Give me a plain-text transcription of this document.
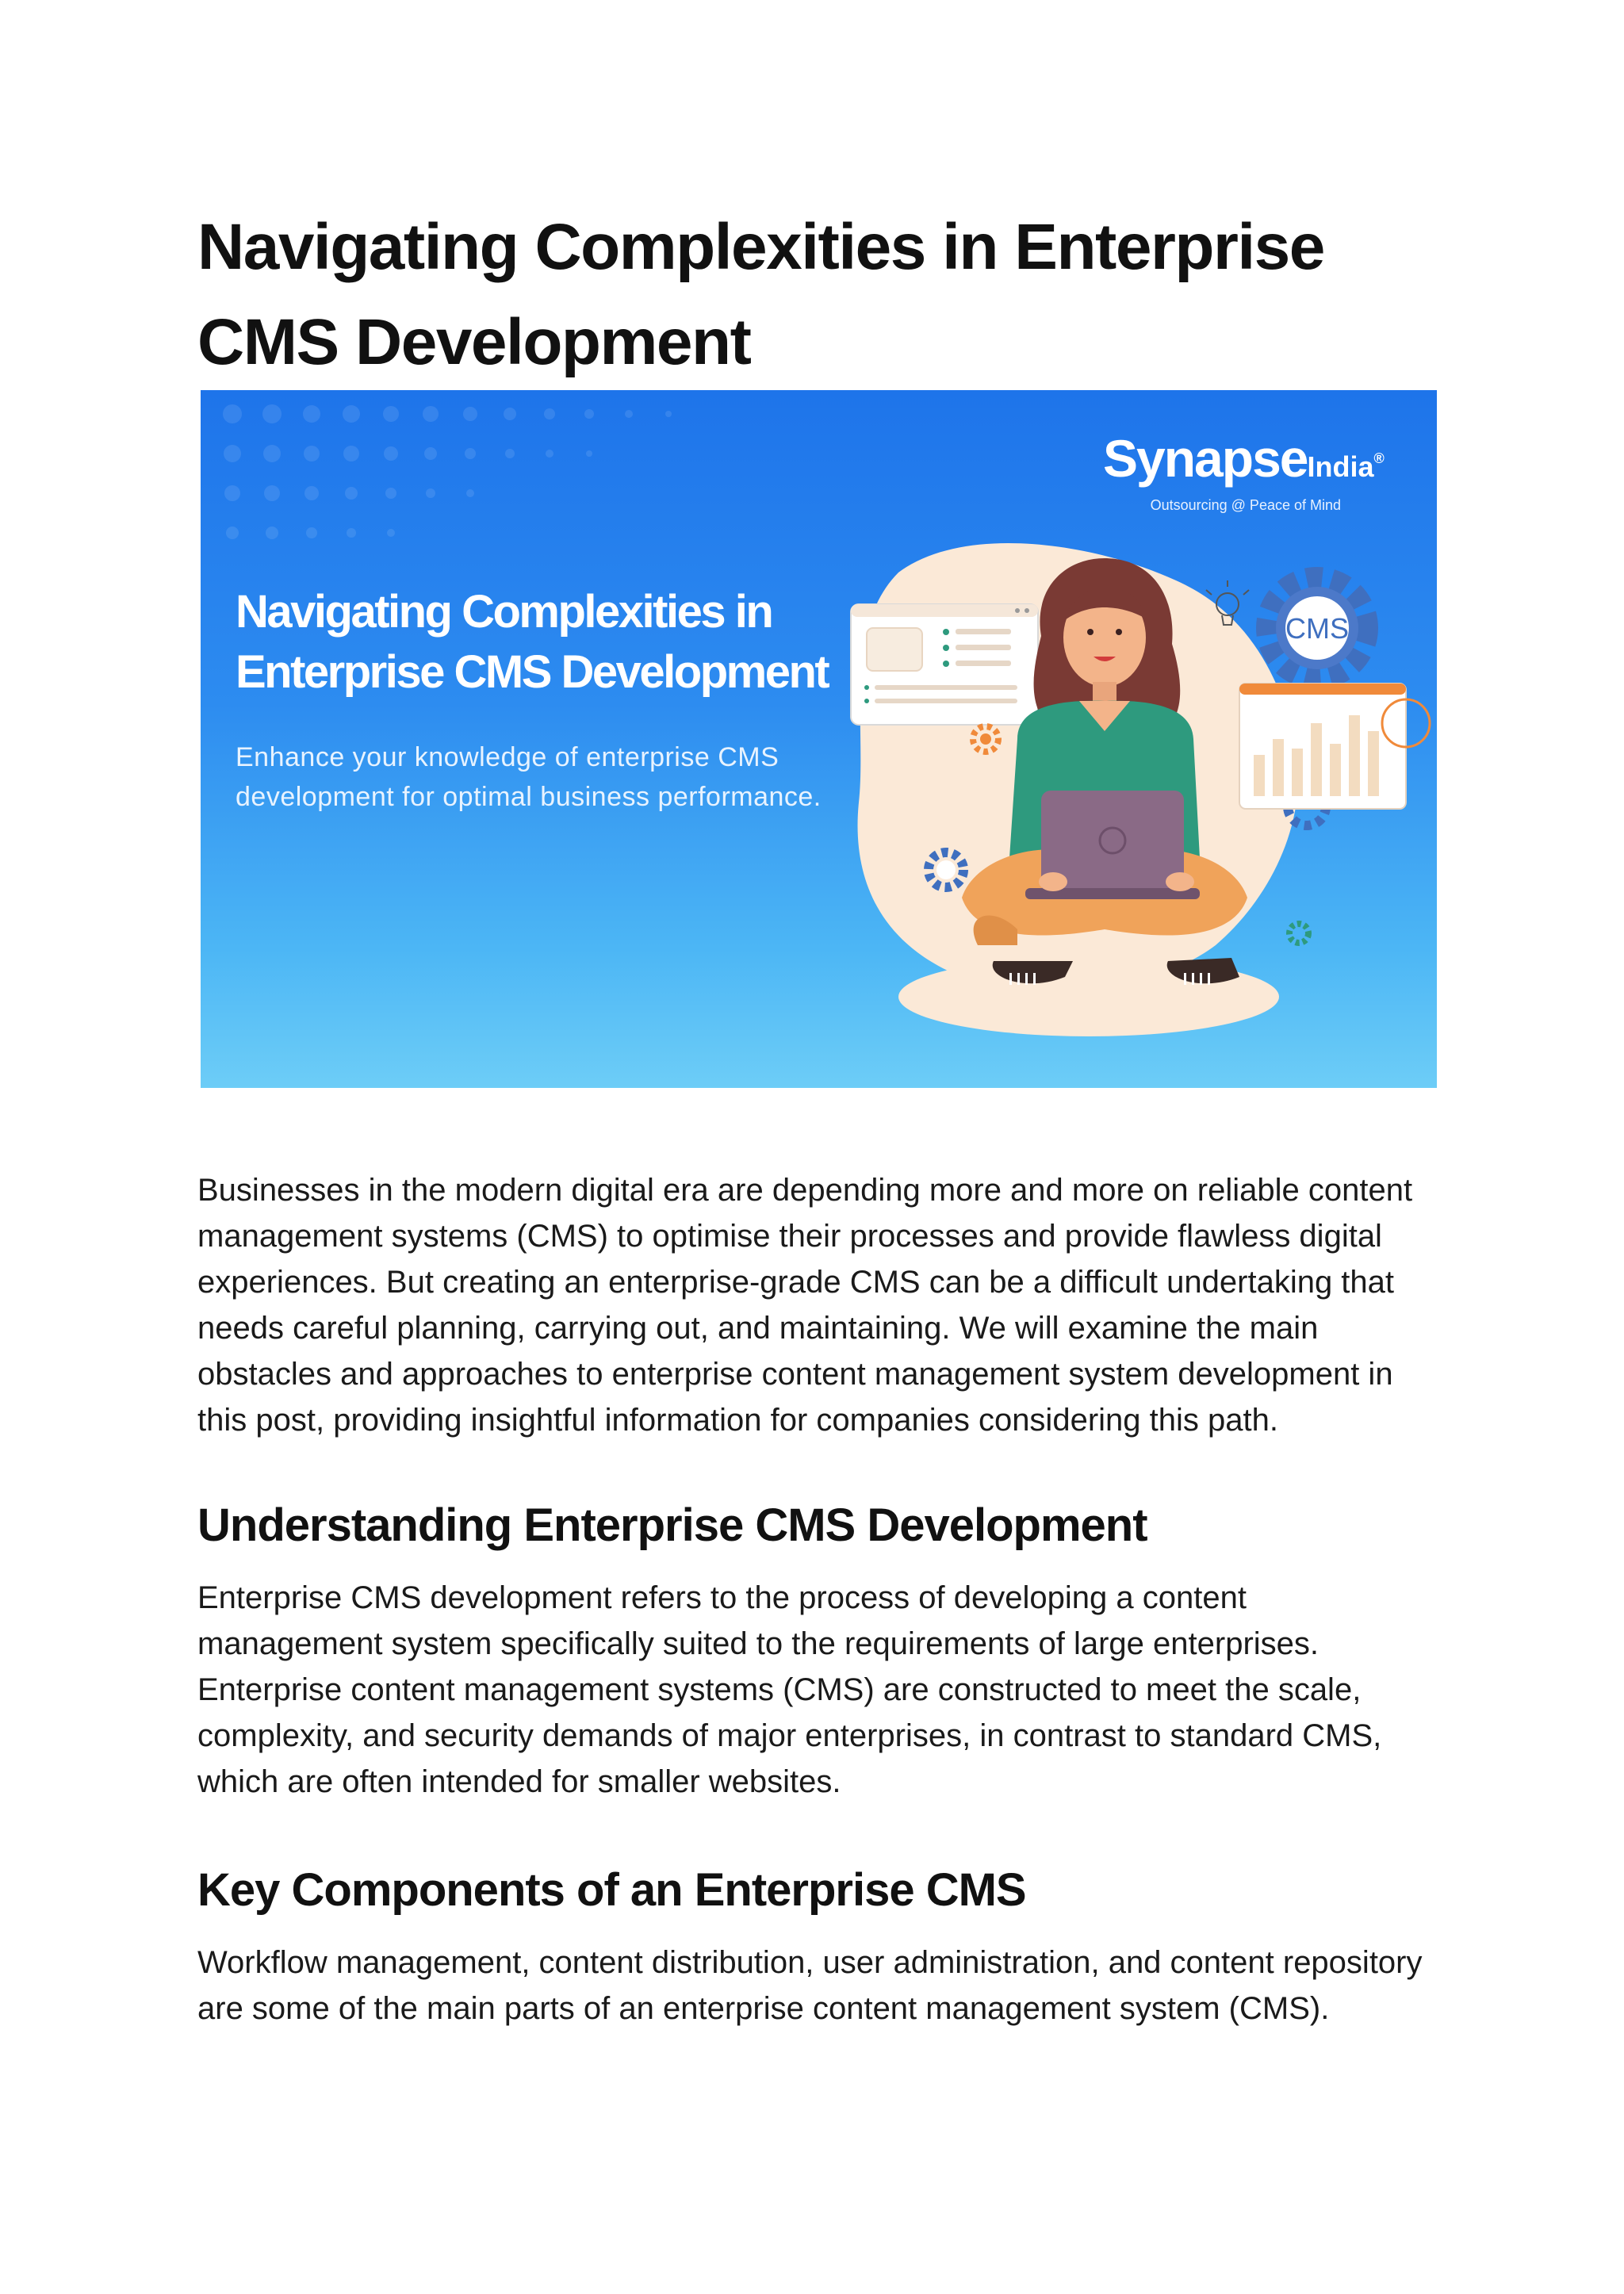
Navigating Complexities in Enterprise CMS Development
CMS
SynapseIndia®
Outsourcing @ Peace of Mind
Navigating Complexities in
Enterprise CMS Development

Enhance your knowledge of enterprise CMS development for optimal business performance.

Businesses in the modern digital era are depending more and more on reliable content management systems (CMS) to optimise their processes and provide flawless digital experiences. But creating an enterprise-grade CMS can be a difficult undertaking that needs careful planning, carrying out, and maintaining. We will examine the main obstacles and approaches to enterprise content management system development in this post, providing insightful information for companies considering this path.

Understanding Enterprise CMS Development

Enterprise CMS development refers to the process of developing a content management system specifically suited to the requirements of large enterprises. Enterprise content management systems (CMS) are constructed to meet the scale, complexity, and security demands of major enterprises, in contrast to standard CMS, which are often intended for smaller websites.

Key Components of an Enterprise CMS

Workflow management, content distribution, user administration, and content repository are some of the main parts of an enterprise content management system (CMS).
